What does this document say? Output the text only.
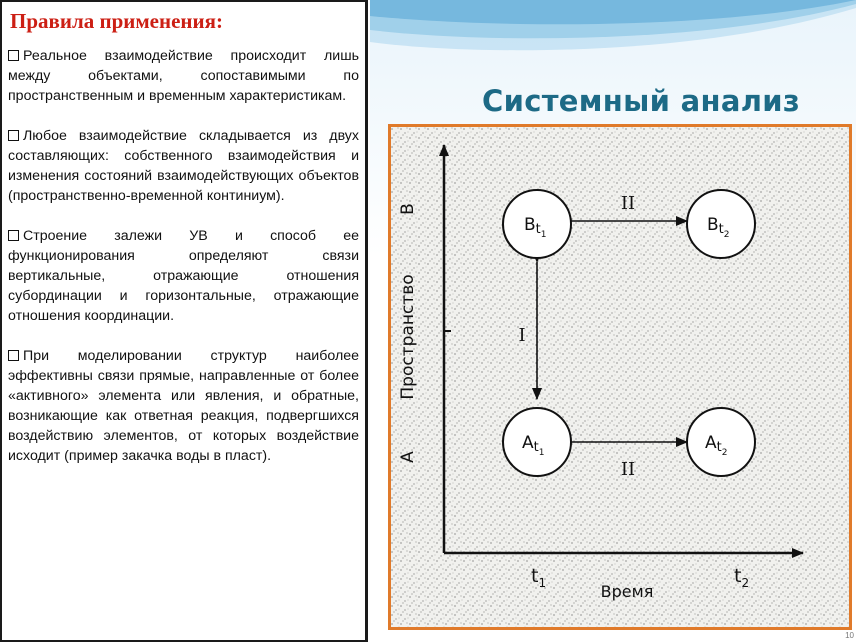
Правила применения:

Реальное взаимодействие происходит лишь между объектами, сопоставимыми по пространственным и временным характеристикам.

Любое взаимодействие складывается из двух составляющих: собственного взаимодействия и изменения состояний взаимодействующих объектов (пространственно-временной континиум).

Строение залежи УВ и способ ее функционирования определяют связи вертикальные, отражающие отношения субординации и горизонтальные, отражающие отношения координации.

При моделировании структур наиболее эффективны связи прямые, направленные от более «активного» элемента или явления, и обратные, возникающие как ответная реакция, подвергшихся воздействию элементов, от которых воздействие исходит (пример закачка воды в пласт).

Системный анализ
B
A
Пространство
$t_1$	$t_2$
Время
II
II
I
$Bt_1$	$Bt_2$
$At_1$	$At_2$
10
